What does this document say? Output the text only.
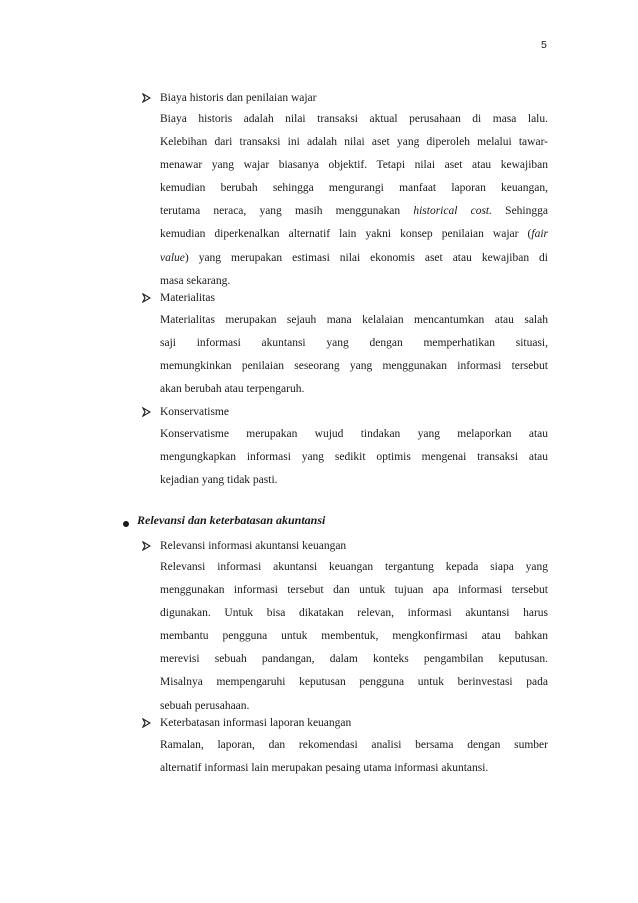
5
Biaya historis dan penilaian wajar
Biaya historis adalah nilai transaksi aktual perusahaan di masa lalu.
Kelebihan dari transaksi ini adalah nilai aset yang diperoleh melalui tawar-
menawar yang wajar biasanya objektif. Tetapi nilai aset atau kewajiban
kemudian berubah sehingga mengurangi manfaat laporan keuangan,
terutama neraca, yang masih menggunakan historical cost. Sehingga
kemudian diperkenalkan alternatif lain yakni konsep penilaian wajar (fair
value) yang merupakan estimasi nilai ekonomis aset atau kewajiban di
masa sekarang.
Materialitas
Materialitas merupakan sejauh mana kelalaian mencantumkan atau salah
saji informasi akuntansi yang dengan memperhatikan situasi,
memungkinkan penilaian seseorang yang menggunakan informasi tersebut
akan berubah atau terpengaruh.
Konservatisme
Konservatisme merupakan wujud tindakan yang melaporkan atau
mengungkapkan informasi yang sedikit optimis mengenai transaksi atau
kejadian yang tidak pasti.
Relevansi informasi akuntansi keuangan
Relevansi informasi akuntansi keuangan tergantung kepada siapa yang
menggunakan informasi tersebut dan untuk tujuan apa informasi tersebut
digunakan. Untuk bisa dikatakan relevan, informasi akuntansi harus
membantu pengguna untuk membentuk, mengkonfirmasi atau bahkan
merevisi sebuah pandangan, dalam konteks pengambilan keputusan.
Misalnya mempengaruhi keputusan pengguna untuk berinvestasi pada
sebuah perusahaan.
Keterbatasan informasi laporan keuangan
Ramalan, laporan, dan rekomendasi analisi bersama dengan sumber
alternatif informasi lain merupakan pesaing utama informasi akuntansi.
Relevansi dan keterbatasan akuntansi
